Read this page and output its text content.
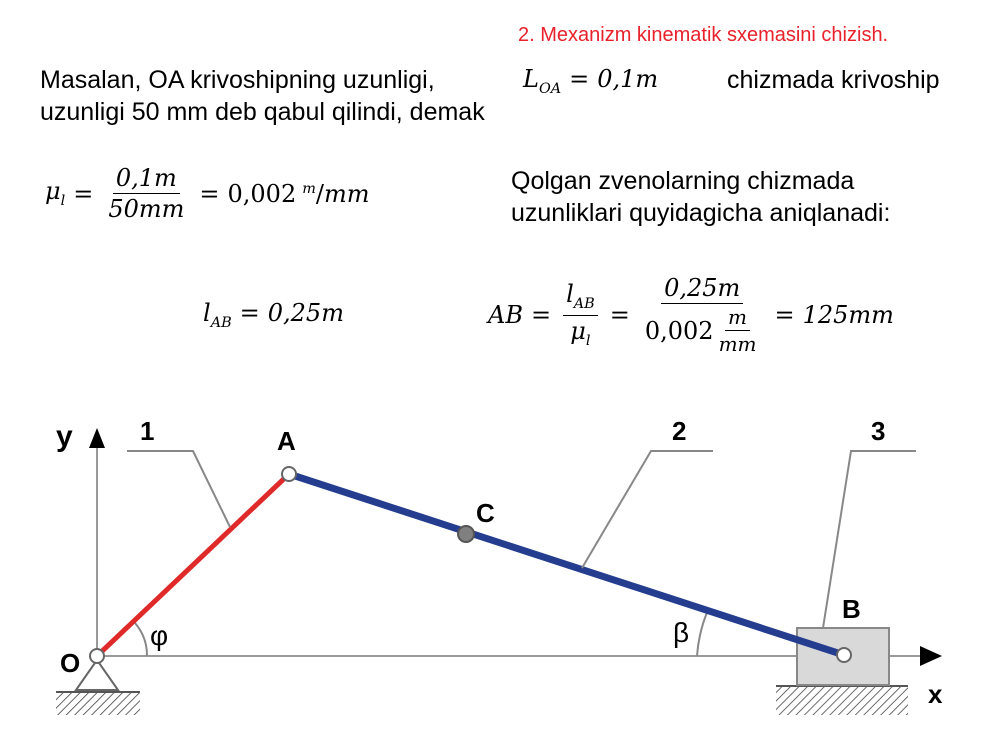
2. Mexanizm kinematik sxemasini chizish.
Masalan, OA krivoshipning uzunligi,	$L_{OA} = 0,1m$	chizmada krivoship
uzunligi 50 mm deb qabul qilindi, demak
$\mu_l = \frac{0,1m}{50mm} = 0,002$ $^m$/mm	Qolgan zvenolarning chizmada
uzunliklari quyidagicha aniqlanadi:
$l_{AB} = 0,25m$	AB = $\frac{l_{AB}}{\mu_l} = \frac{0,25m}{0,002 \frac{m}{mm}} = 125mm$
y
x
O
A
C
B
1	2	3
φ	β
